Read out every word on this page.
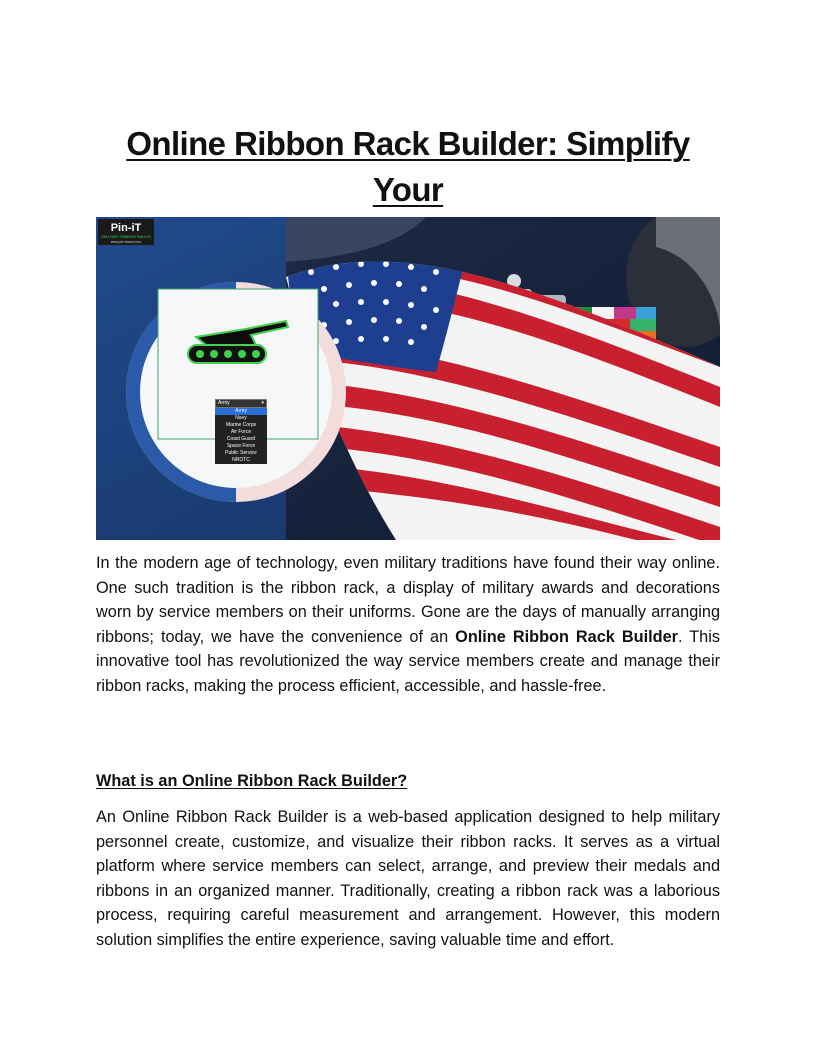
Online Ribbon Rack Builder: Simplify Your
Pin-iT
MILITARY RIBBON RACKS
www.pin-itcard.com
Army	▾
Army
Navy
Marine Corps
Air Force
Coast Guard
Space Force
Public Service
NROTC

In the modern age of technology, even military traditions have found their way online. One such tradition is the ribbon rack, a display of military awards and decorations worn by service members on their uniforms. Gone are the days of manually arranging ribbons; today, we have the convenience of an Online Ribbon Rack Builder. This innovative tool has revolutionized the way service members create and manage their ribbon racks, making the process efficient, accessible, and hassle-free.

What is an Online Ribbon Rack Builder?

An Online Ribbon Rack Builder is a web-based application designed to help military personnel create, customize, and visualize their ribbon racks. It serves as a virtual platform where service members can select, arrange, and preview their medals and ribbons in an organized manner. Traditionally, creating a ribbon rack was a laborious process, requiring careful measurement and arrangement. However, this modern solution simplifies the entire experience, saving valuable time and effort.
